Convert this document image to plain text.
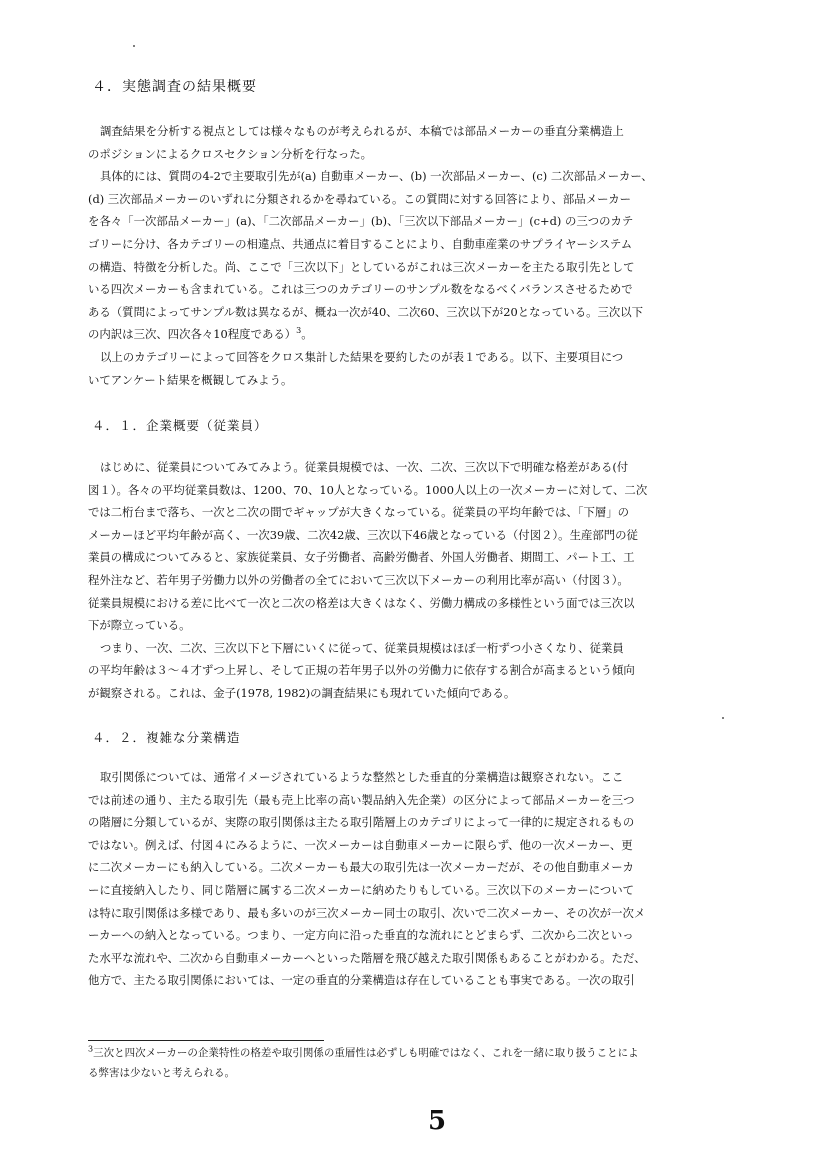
４．実態調査の結果概要
調査結果を分析する視点としては様々なものが考えられるが、本稿では部品メーカーの垂直分業構造上
のポジションによるクロスセクション分析を行なった。
具体的には、質問の4-2で主要取引先が(a) 自動車メーカー、(b) 一次部品メーカー、(c) 二次部品メーカー、
(d) 三次部品メーカーのいずれに分類されるかを尋ねている。この質問に対する回答により、部品メーカー
を各々「一次部品メーカー」(a)、「二次部品メーカー」(b)、「三次以下部品メーカー」(c+d) の三つのカテ
ゴリーに分け、各カテゴリーの相違点、共通点に着目することにより、自動車産業のサプライヤーシステム
の構造、特徴を分析した。尚、ここで「三次以下」としているがこれは三次メーカーを主たる取引先として
いる四次メーカーも含まれている。これは三つのカテゴリーのサンプル数をなるべくバランスさせるためで
ある（質問によってサンプル数は異なるが、概ね一次が40、二次60、三次以下が20となっている。三次以下
の内訳は三次、四次各々10程度である）$^3$。
以上のカテゴリーによって回答をクロス集計した結果を要約したのが表１である。以下、主要項目につ
いてアンケート結果を概観してみよう。
４．１．企業概要（従業員）
はじめに、従業員についてみてみよう。従業員規模では、一次、二次、三次以下で明確な格差がある(付
図１）。各々の平均従業員数は、1200、70、10人となっている。1000人以上の一次メーカーに対して、二次
では二桁台まで落ち、一次と二次の間でギャップが大きくなっている。従業員の平均年齢では、「下層」の
メーカーほど平均年齢が高く、一次39歳、二次42歳、三次以下46歳となっている（付図２）。生産部門の従
業員の構成についてみると、家族従業員、女子労働者、高齢労働者、外国人労働者、期間工、パート工、工
程外注など、若年男子労働力以外の労働者の全てにおいて三次以下メーカーの利用比率が高い（付図３）。
従業員規模における差に比べて一次と二次の格差は大きくはなく、労働力構成の多様性という面では三次以
下が際立っている。
つまり、一次、二次、三次以下と下層にいくに従って、従業員規模はほぼ一桁ずつ小さくなり、従業員
の平均年齢は３～４才ずつ上昇し、そして正規の若年男子以外の労働力に依存する割合が高まるという傾向
が観察される。これは、金子(1978, 1982)の調査結果にも現れていた傾向である。
４．２．複雑な分業構造
取引関係については、通常イメージされているような整然とした垂直的分業構造は観察されない。ここ
では前述の通り、主たる取引先（最も売上比率の高い製品納入先企業）の区分によって部品メーカーを三つ
の階層に分類しているが、実際の取引関係は主たる取引階層上のカテゴリによって一律的に規定されるもの
ではない。例えば、付図４にみるように、一次メーカーは自動車メーカーに限らず、他の一次メーカー、更
に二次メーカーにも納入している。二次メーカーも最大の取引先は一次メーカーだが、その他自動車メーカ
ーに直接納入したり、同じ階層に属する二次メーカーに納めたりもしている。三次以下のメーカーについて
は特に取引関係は多様であり、最も多いのが三次メーカー同士の取引、次いで二次メーカー、その次が一次メ
ーカーへの納入となっている。つまり、一定方向に沿った垂直的な流れにとどまらず、二次から二次といっ
た水平な流れや、二次から自動車メーカーへといった階層を飛び越えた取引関係もあることがわかる。ただ、
他方で、主たる取引関係においては、一定の垂直的分業構造は存在していることも事実である。一次の取引
$^3$三次と四次メーカーの企業特性の格差や取引関係の重層性は必ずしも明確ではなく、これを一緒に取り扱うことによ
る弊害は少ないと考えられる。
5
